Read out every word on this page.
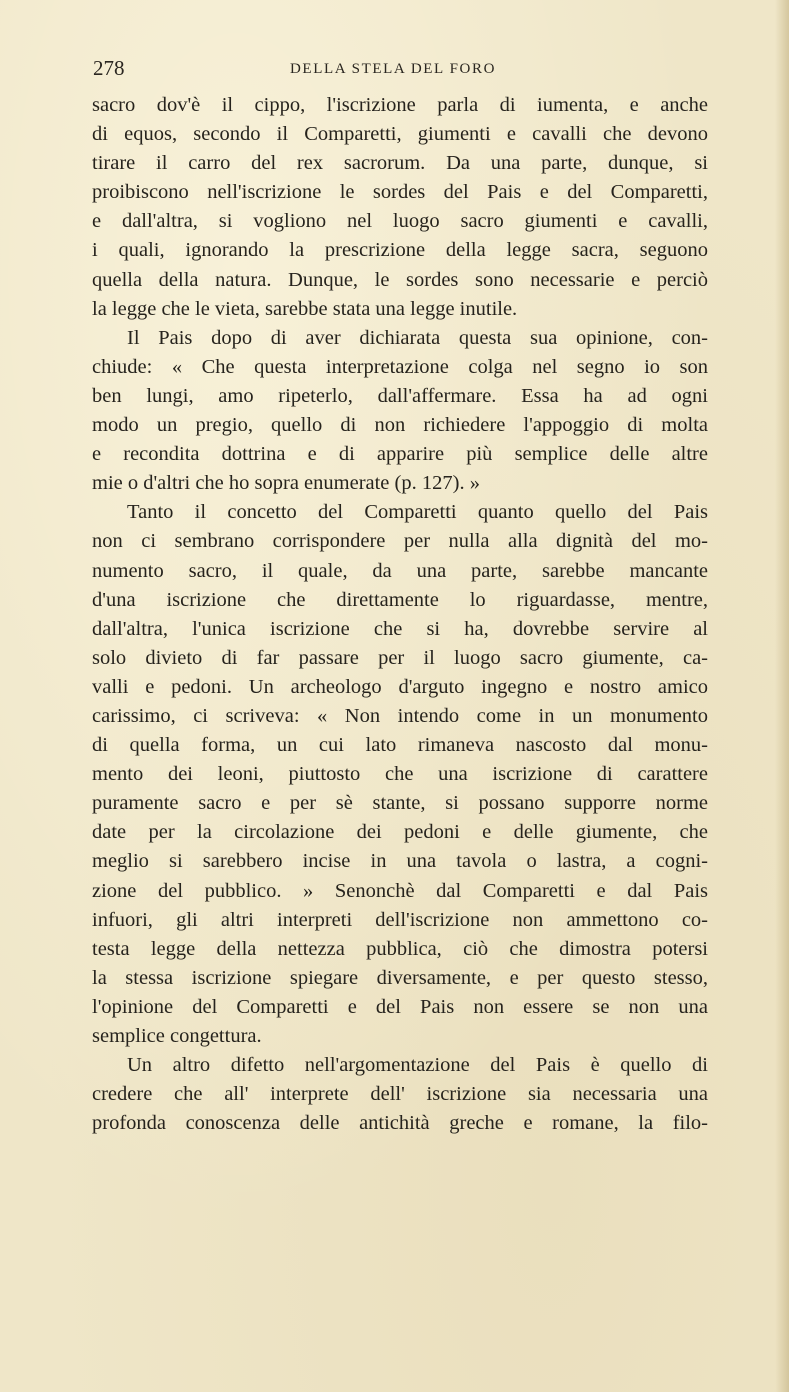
278	DELLA STELA DEL FORO
sacro dov'è il cippo, l'iscrizione parla di iumenta, e anche
di equos, secondo il Comparetti, giumenti e cavalli che devono
tirare il carro del rex sacrorum. Da una parte, dunque, si
proibiscono nell'iscrizione le sordes del Pais e del Comparetti,
e dall'altra, si vogliono nel luogo sacro giumenti e cavalli,
i quali, ignorando la prescrizione della legge sacra, seguono
quella della natura. Dunque, le sordes sono necessarie e perciò
la legge che le vieta, sarebbe stata una legge inutile.
Il Pais dopo di aver dichiarata questa sua opinione, con-
chiude: « Che questa interpretazione colga nel segno io son
ben lungi, amo ripeterlo, dall'affermare. Essa ha ad ogni
modo un pregio, quello di non richiedere l'appoggio di molta
e recondita dottrina e di apparire più semplice delle altre
mie o d'altri che ho sopra enumerate (p. 127). »
Tanto il concetto del Comparetti quanto quello del Pais
non ci sembrano corrispondere per nulla alla dignità del mo-
numento sacro, il quale, da una parte, sarebbe mancante
d'una iscrizione che direttamente lo riguardasse, mentre,
dall'altra, l'unica iscrizione che si ha, dovrebbe servire al
solo divieto di far passare per il luogo sacro giumente, ca-
valli e pedoni. Un archeologo d'arguto ingegno e nostro amico
carissimo, ci scriveva: « Non intendo come in un monumento
di quella forma, un cui lato rimaneva nascosto dal monu-
mento dei leoni, piuttosto che una iscrizione di carattere
puramente sacro e per sè stante, si possano supporre norme
date per la circolazione dei pedoni e delle giumente, che
meglio si sarebbero incise in una tavola o lastra, a cogni-
zione del pubblico. » Senonchè dal Comparetti e dal Pais
infuori, gli altri interpreti dell'iscrizione non ammettono co-
testa legge della nettezza pubblica, ciò che dimostra potersi
la stessa iscrizione spiegare diversamente, e per questo stesso,
l'opinione del Comparetti e del Pais non essere se non una
semplice congettura.
Un altro difetto nell'argomentazione del Pais è quello di
credere che all' interprete dell' iscrizione sia necessaria una
profonda conoscenza delle antichità greche e romane, la filo-
